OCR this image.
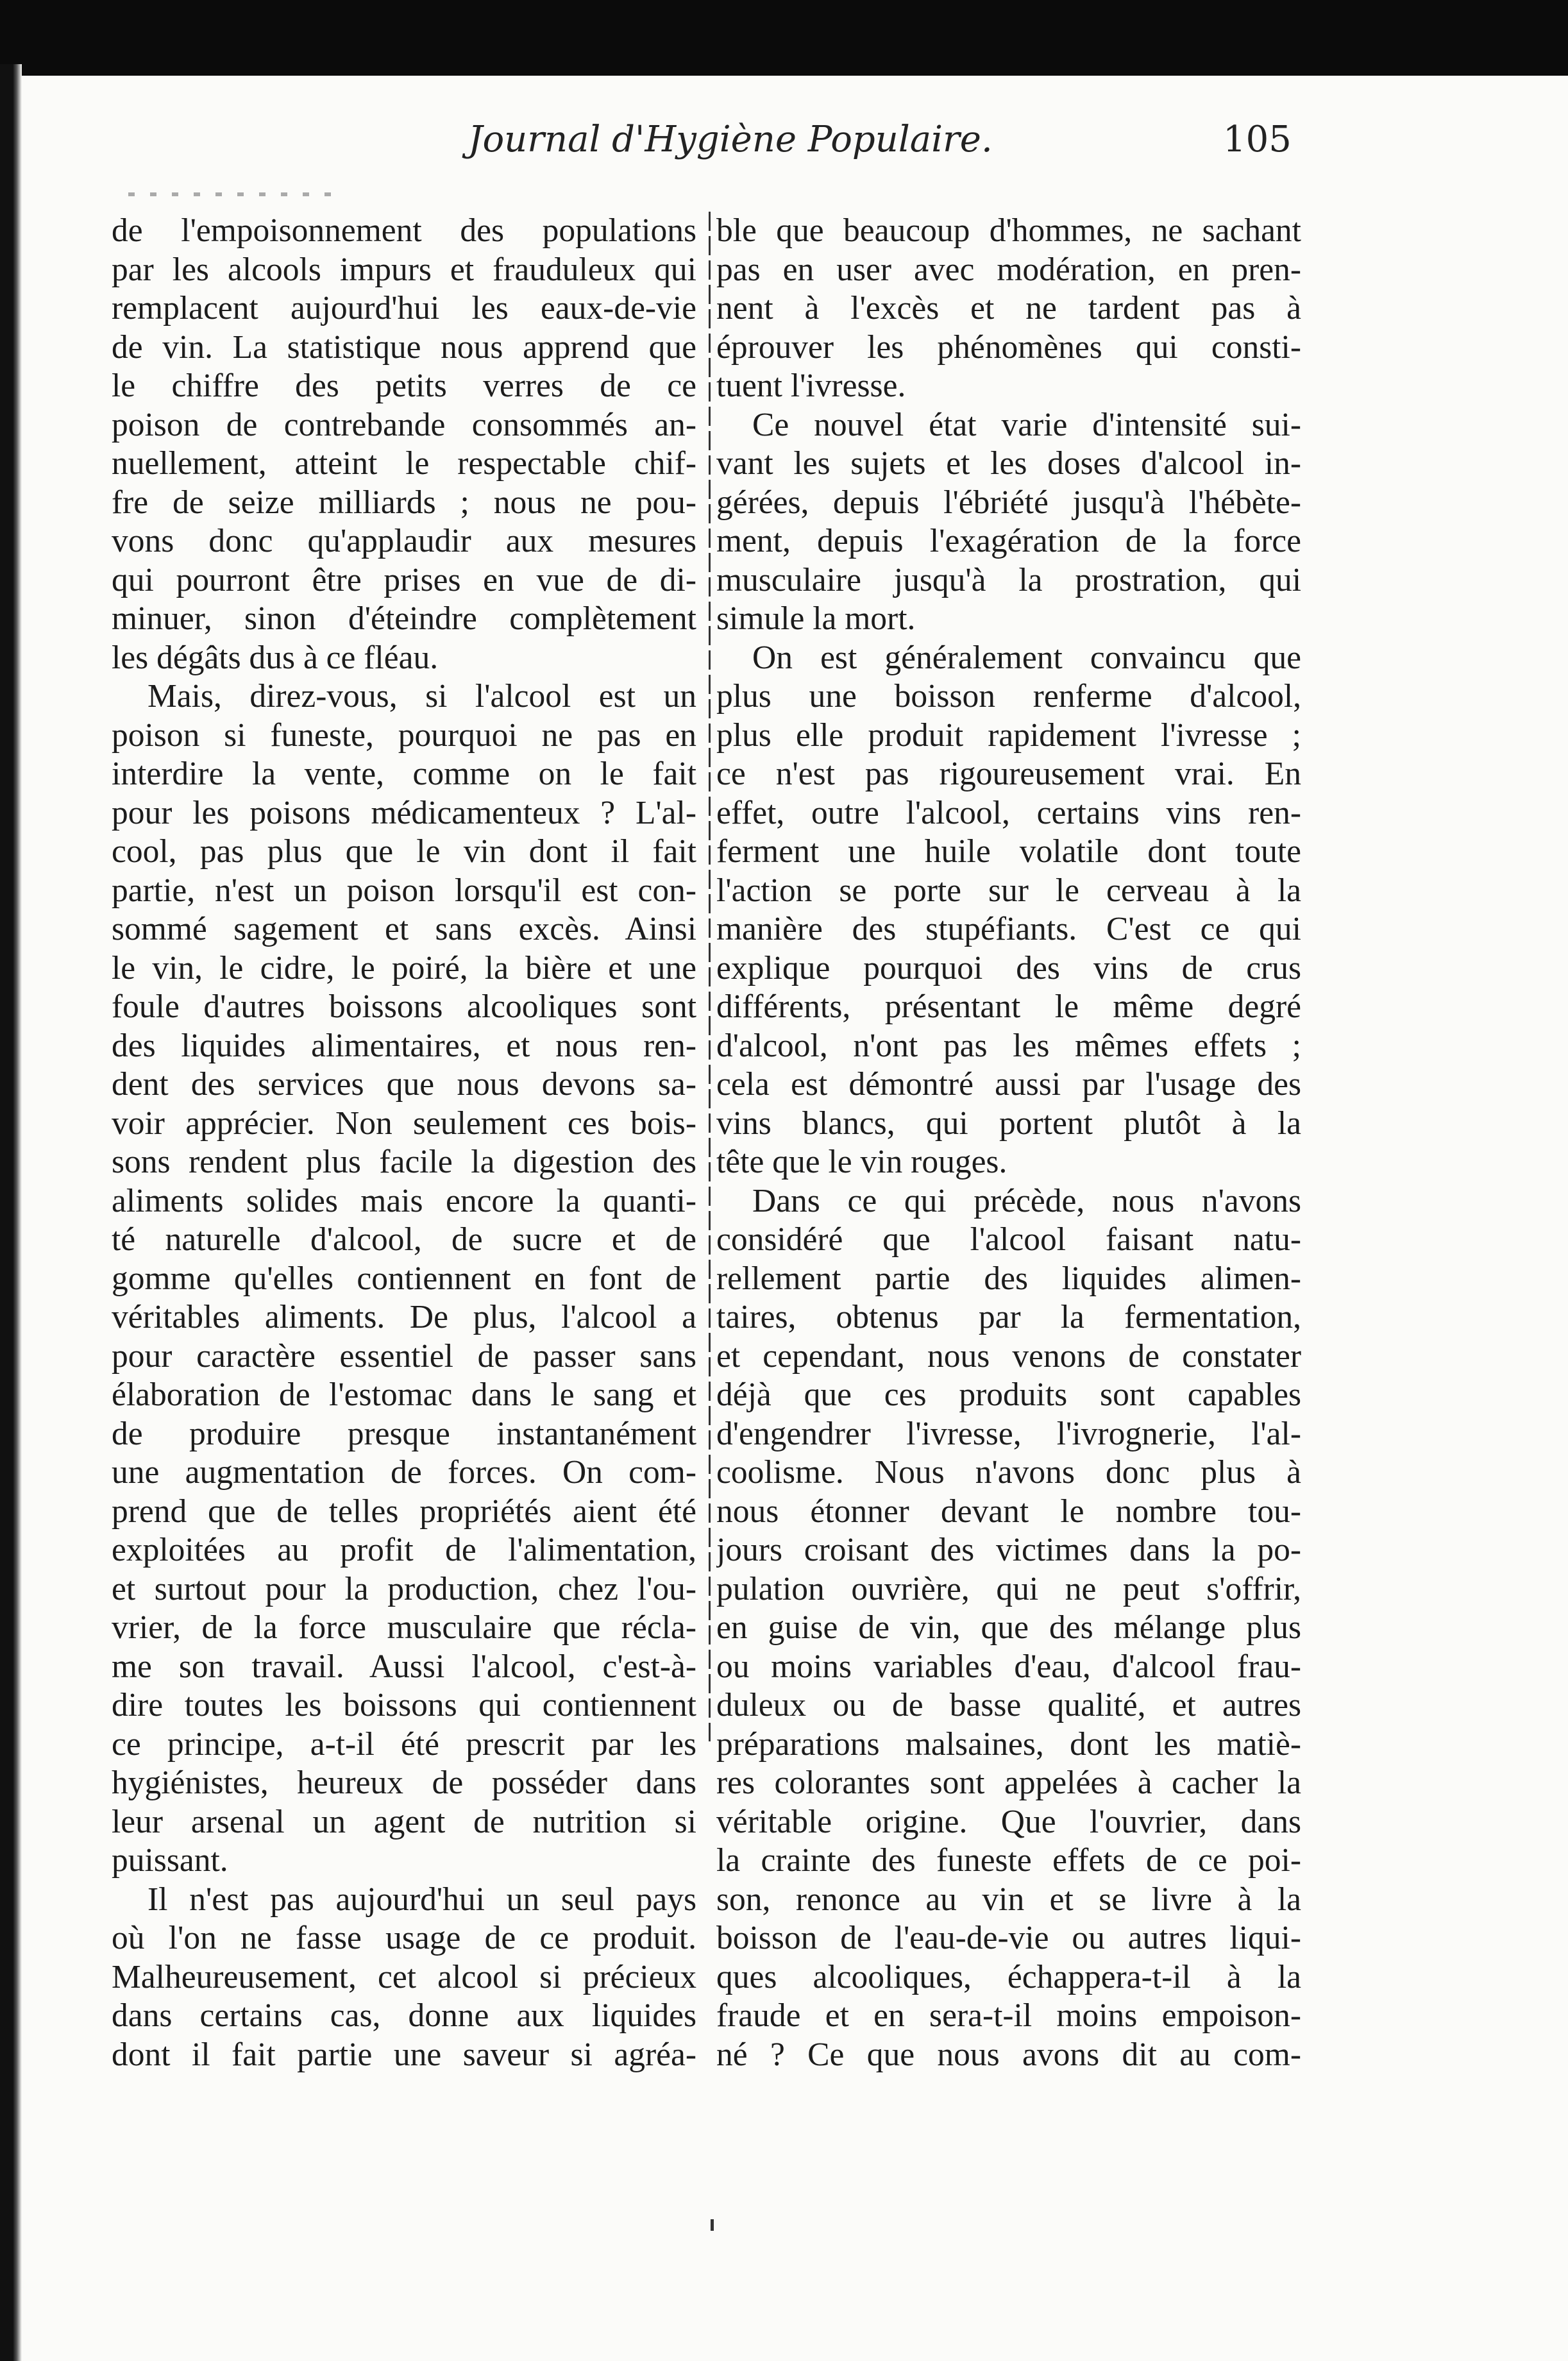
Journal d'Hygiène Populaire.	105
de l'empoisonnement des populations
par les alcools impurs et frauduleux qui
remplacent aujourd'hui les eaux-de-vie
de vin. La statistique nous apprend que
le chiffre des petits verres de ce
poison de contrebande consommés an-
nuellement, atteint le respectable chif-
fre de seize milliards ; nous ne pou-
vons donc qu'applaudir aux mesures
qui pourront être prises en vue de di-
minuer, sinon d'éteindre complètement
les dégâts dus à ce fléau.
Mais, direz-vous, si l'alcool est un
poison si funeste, pourquoi ne pas en
interdire la vente, comme on le fait
pour les poisons médicamenteux ? L'al-
cool, pas plus que le vin dont il fait
partie, n'est un poison lorsqu'il est con-
sommé sagement et sans excès. Ainsi
le vin, le cidre, le poiré, la bière et une
foule d'autres boissons alcooliques sont
des liquides alimentaires, et nous ren-
dent des services que nous devons sa-
voir apprécier. Non seulement ces bois-
sons rendent plus facile la digestion des
aliments solides mais encore la quanti-
té naturelle d'alcool, de sucre et de
gomme qu'elles contiennent en font de
véritables aliments. De plus, l'alcool a
pour caractère essentiel de passer sans
élaboration de l'estomac dans le sang et
de produire presque instantanément
une augmentation de forces. On com-
prend que de telles propriétés aient été
exploitées au profit de l'alimentation,
et surtout pour la production, chez l'ou-
vrier, de la force musculaire que récla-
me son travail. Aussi l'alcool, c'est-à-
dire toutes les boissons qui contiennent
ce principe, a-t-il été prescrit par les
hygiénistes, heureux de posséder dans
leur arsenal un agent de nutrition si
puissant.
Il n'est pas aujourd'hui un seul pays
où l'on ne fasse usage de ce produit.
Malheureusement, cet alcool si précieux
dans certains cas, donne aux liquides
dont il fait partie une saveur si agréa-
ble que beaucoup d'hommes, ne sachant
pas en user avec modération, en pren-
nent à l'excès et ne tardent pas à
éprouver les phénomènes qui consti-
tuent l'ivresse.
Ce nouvel état varie d'intensité sui-
vant les sujets et les doses d'alcool in-
gérées, depuis l'ébriété jusqu'à l'hébète-
ment, depuis l'exagération de la force
musculaire jusqu'à la prostration, qui
simule la mort.
On est généralement convaincu que
plus une boisson renferme d'alcool,
plus elle produit rapidement l'ivresse ;
ce n'est pas rigoureusement vrai. En
effet, outre l'alcool, certains vins ren-
ferment une huile volatile dont toute
l'action se porte sur le cerveau à la
manière des stupéfiants. C'est ce qui
explique pourquoi des vins de crus
différents, présentant le même degré
d'alcool, n'ont pas les mêmes effets ;
cela est démontré aussi par l'usage des
vins blancs, qui portent plutôt à la
tête que le vin rouges.
Dans ce qui précède, nous n'avons
considéré que l'alcool faisant natu-
rellement partie des liquides alimen-
taires, obtenus par la fermentation,
et cependant, nous venons de constater
déjà que ces produits sont capables
d'engendrer l'ivresse, l'ivrognerie, l'al-
coolisme. Nous n'avons donc plus à
nous étonner devant le nombre tou-
jours croisant des victimes dans la po-
pulation ouvrière, qui ne peut s'offrir,
en guise de vin, que des mélange plus
ou moins variables d'eau, d'alcool frau-
duleux ou de basse qualité, et autres
préparations malsaines, dont les matiè-
res colorantes sont appelées à cacher la
véritable origine. Que l'ouvrier, dans
la crainte des funeste effets de ce poi-
son, renonce au vin et se livre à la
boisson de l'eau-de-vie ou autres liqui-
ques alcooliques, échappera-t-il à la
fraude et en sera-t-il moins empoison-
né ? Ce que nous avons dit au com-
